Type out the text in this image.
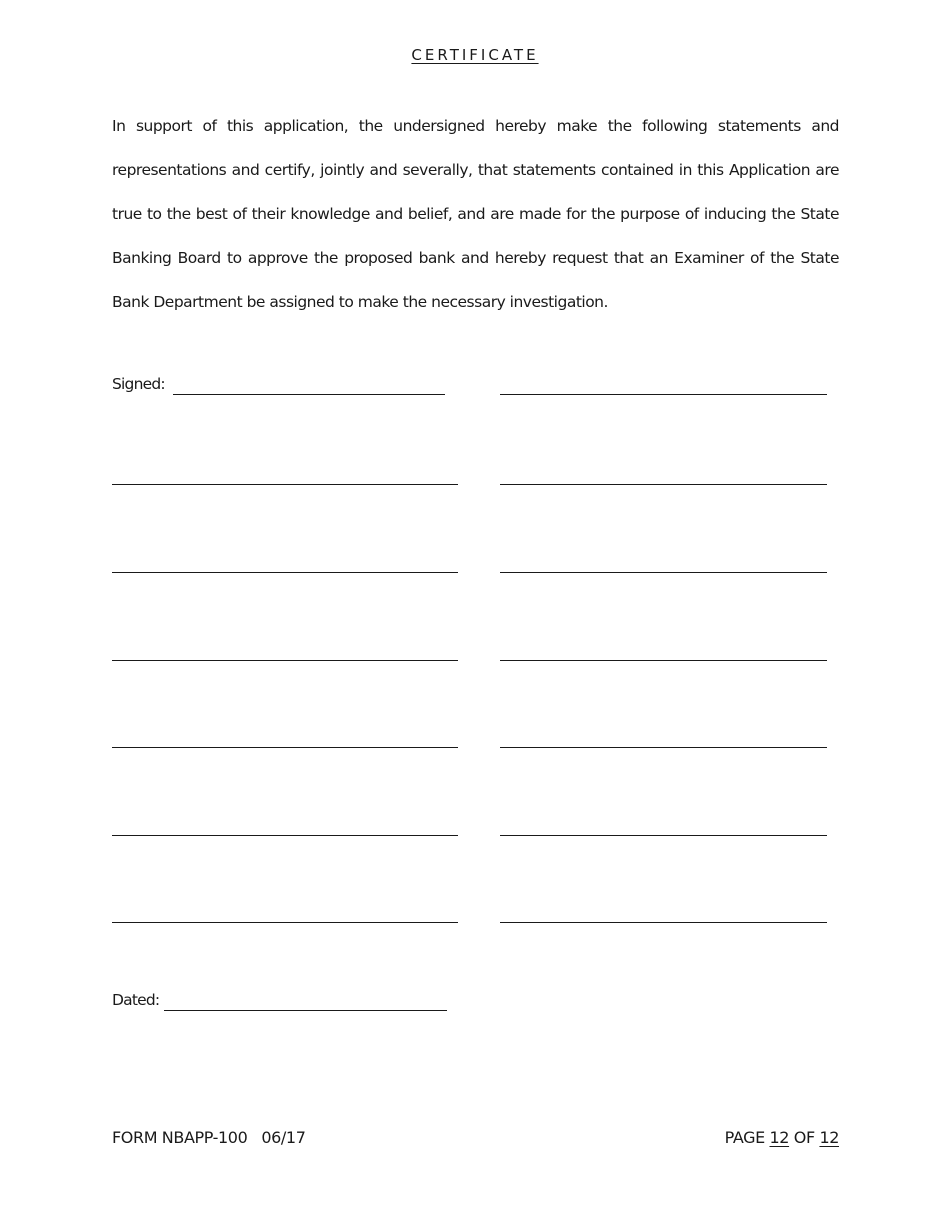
CERTIFICATE

In support of this application, the undersigned hereby make the following statements and representations and certify, jointly and severally, that statements contained in this Application are true to the best of their knowledge and belief, and are made for the purpose of inducing the State Banking Board to approve the proposed bank and hereby request that an Examiner of the State Bank Department be assigned to make the necessary investigation.

Signed:
Dated:
FORM NBAPP-100 06/17	PAGE 12 OF 12
